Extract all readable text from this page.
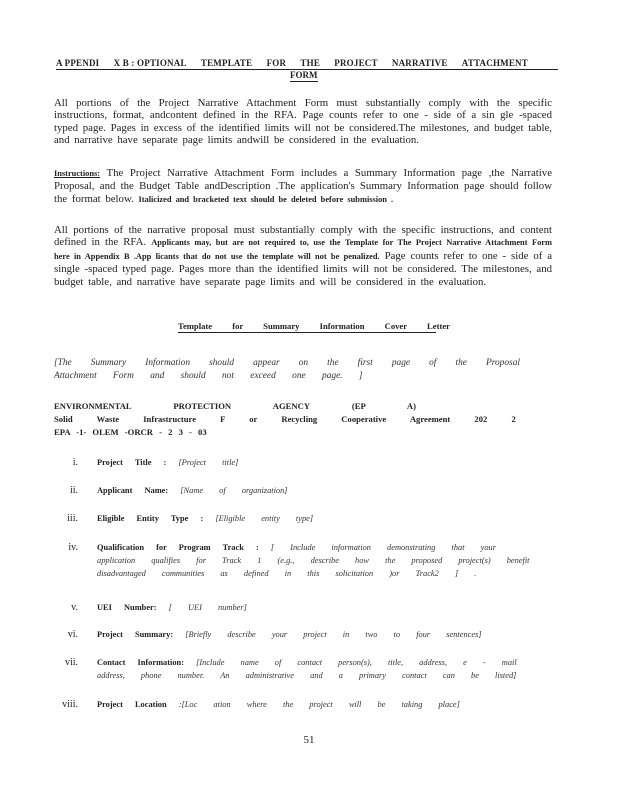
A PPENDI X B : OPTIONAL TEMPLATE FOR THE PROJECT NARRATIVE ATTACHMENT
FORM
All portions of the Project Narrative Attachment Form must substantially comply with the specific instructions, format, andcontent defined in the RFA. Page counts refer to one - side of a sin gle -spaced typed page. Pages in excess of the identified limits will not be considered.The milestones, and budget table, and narrative have separate page limits andwill be considered in the evaluation.
Instructions: The Project Narrative Attachment Form includes a Summary Information page ,the Narrative Proposal, and the Budget Table andDescription .The application's Summary Information page should follow the format below. Italicized and bracketed text should be deleted before submission .
All portions of the narrative proposal must substantially comply with the specific instructions, and content defined in the RFA. Applicants may, but are not required to, use the Template for The Project Narrative Attachment Form here in Appendix B .App licants that do not use the template will not be penalized. Page counts refer to one - side of a single -spaced typed page. Pages more than the identified limits will not be considered. The milestones, and budget table, and narrative have separate page limits and will be considered in the evaluation.
Template for Summary Information Cover Letter
[The Summary Information should appear on the first page of the Proposal Attachment Form and should not exceed one page. ]
ENVIRONMENTAL PROTECTION AGENCY (EP A)
Solid Waste Infrastructure F or Recycling Cooperative Agreement 202 2
EPA -1- OLEM -ORCR - 2 3 - 03
i. Project Title : [Project title]
ii. Applicant Name: [Name of organization]
iii. Eligible Entity Type : [Eligible entity type]
iv. Qualification for Program Track : [ Include information demonstrating that your application qualifies for Track 1 (e.g., describe how the proposed project(s) benefit disadvantaged communities as defined in this solicitation )or Track2 ] .
v. UEI Number: [ UEI number]
vi. Project Summary: [Briefly describe your project in two to four sentences]
vii. Contact Information: [Include name of contact person(s), title, address, e - mail address, phone number. An administrative and a primary contact can be listed]
viii. Project Location :[Loc ation where the project will be taking place]
51
